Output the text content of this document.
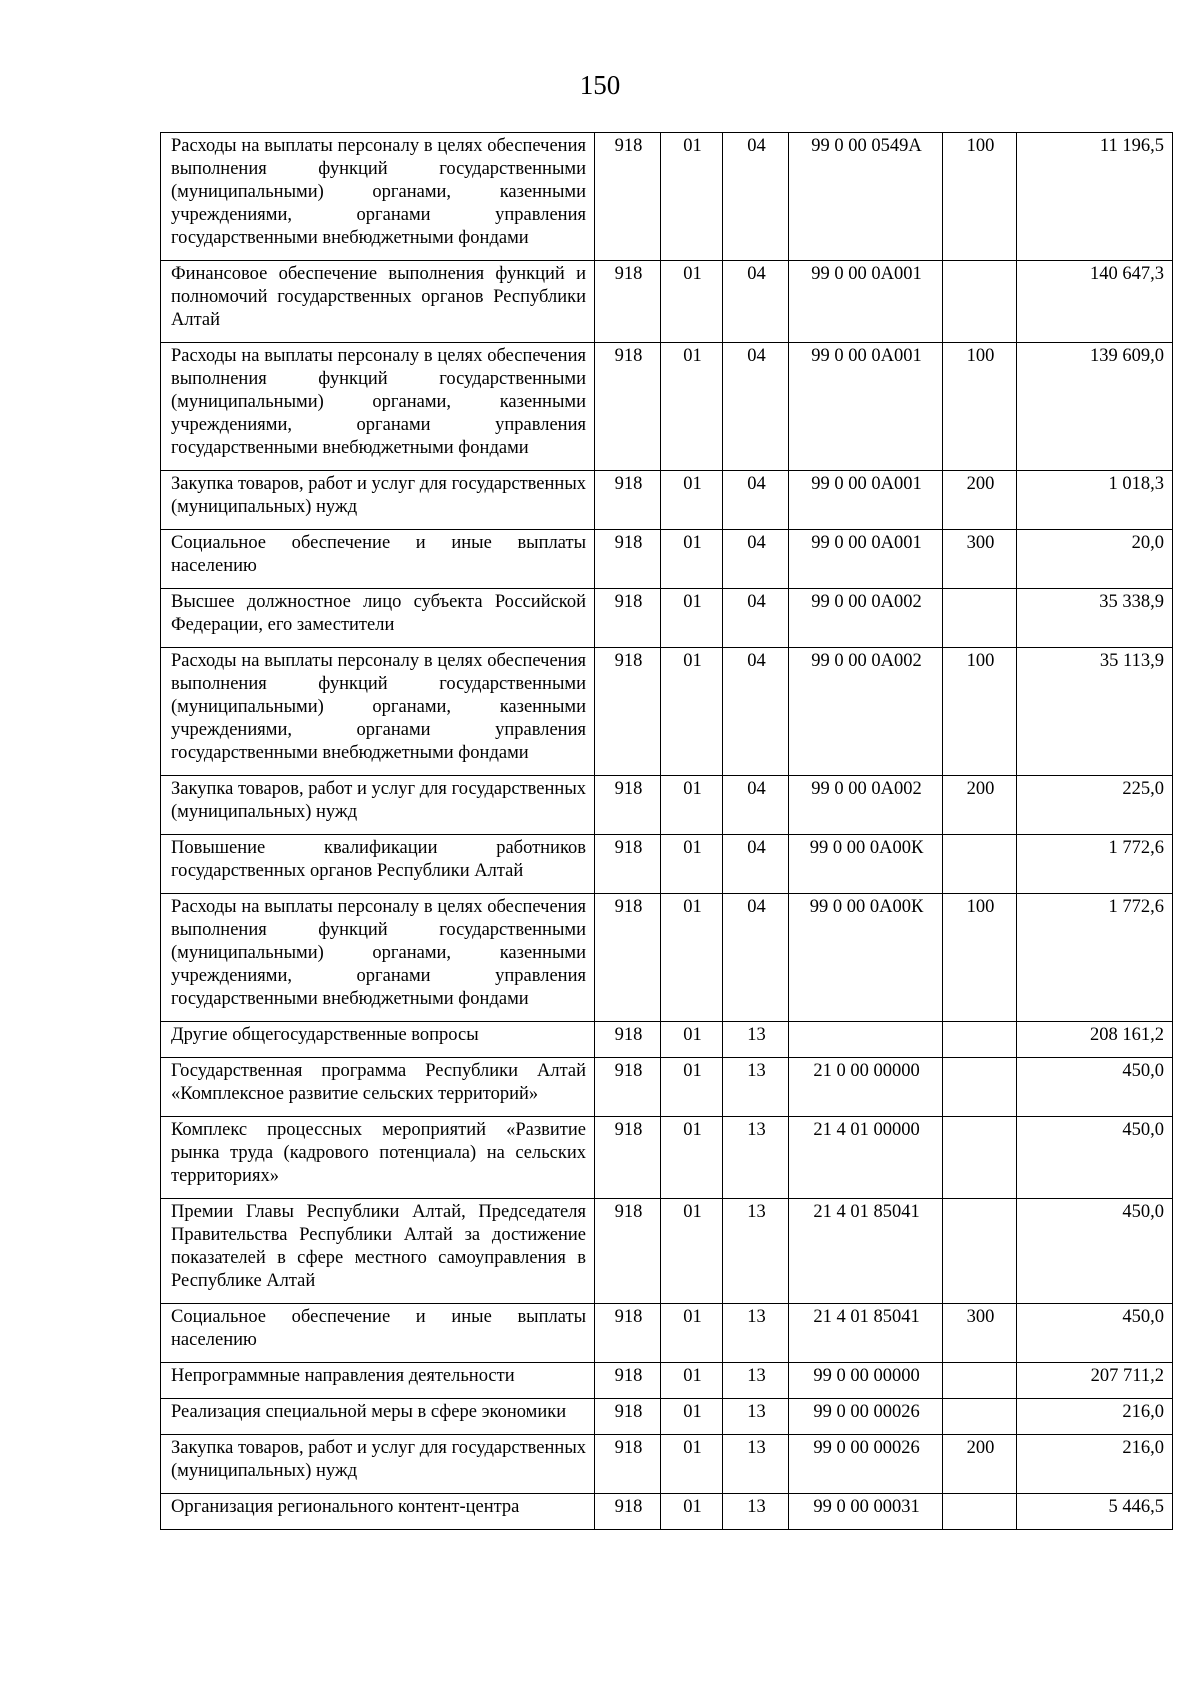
150
Расходы на выплаты персоналу в целях обеспечения выполнения функций государственными (муниципальными) органами, казенными учреждениями, органами управления государственными внебюджетными фондами	918	01	04	99 0 00 0549А	100	11 196,5
Финансовое обеспечение выполнения функций и полномочий государственных органов Республики Алтай	918	01	04	99 0 00 0А001		140 647,3
Расходы на выплаты персоналу в целях обеспечения выполнения функций государственными (муниципальными) органами, казенными учреждениями, органами управления государственными внебюджетными фондами	918	01	04	99 0 00 0А001	100	139 609,0
Закупка товаров, работ и услуг для государственных (муниципальных) нужд	918	01	04	99 0 00 0А001	200	1 018,3
Социальное обеспечение и иные выплаты населению	918	01	04	99 0 00 0А001	300	20,0
Высшее должностное лицо субъекта Российской Федерации, его заместители	918	01	04	99 0 00 0А002		35 338,9
Расходы на выплаты персоналу в целях обеспечения выполнения функций государственными (муниципальными) органами, казенными учреждениями, органами управления государственными внебюджетными фондами	918	01	04	99 0 00 0А002	100	35 113,9
Закупка товаров, работ и услуг для государственных (муниципальных) нужд	918	01	04	99 0 00 0А002	200	225,0
Повышение квалификации работников государственных органов Республики Алтай	918	01	04	99 0 00 0А00К		1 772,6
Расходы на выплаты персоналу в целях обеспечения выполнения функций государственными (муниципальными) органами, казенными учреждениями, органами управления государственными внебюджетными фондами	918	01	04	99 0 00 0А00К	100	1 772,6
Другие общегосударственные вопросы	918	01	13			208 161,2
Государственная программа Республики Алтай «Комплексное развитие сельских территорий»	918	01	13	21 0 00 00000		450,0
Комплекс процессных мероприятий «Развитие рынка труда (кадрового потенциала) на сельских территориях»	918	01	13	21 4 01 00000		450,0
Премии Главы Республики Алтай, Председателя Правительства Республики Алтай за достижение показателей в сфере местного самоуправления в Республике Алтай	918	01	13	21 4 01 85041		450,0
Социальное обеспечение и иные выплаты населению	918	01	13	21 4 01 85041	300	450,0
Непрограммные направления деятельности	918	01	13	99 0 00 00000		207 711,2
Реализация специальной меры в сфере экономики	918	01	13	99 0 00 00026		216,0
Закупка товаров, работ и услуг для государственных (муниципальных) нужд	918	01	13	99 0 00 00026	200	216,0
Организация регионального контент-центра	918	01	13	99 0 00 00031		5 446,5
